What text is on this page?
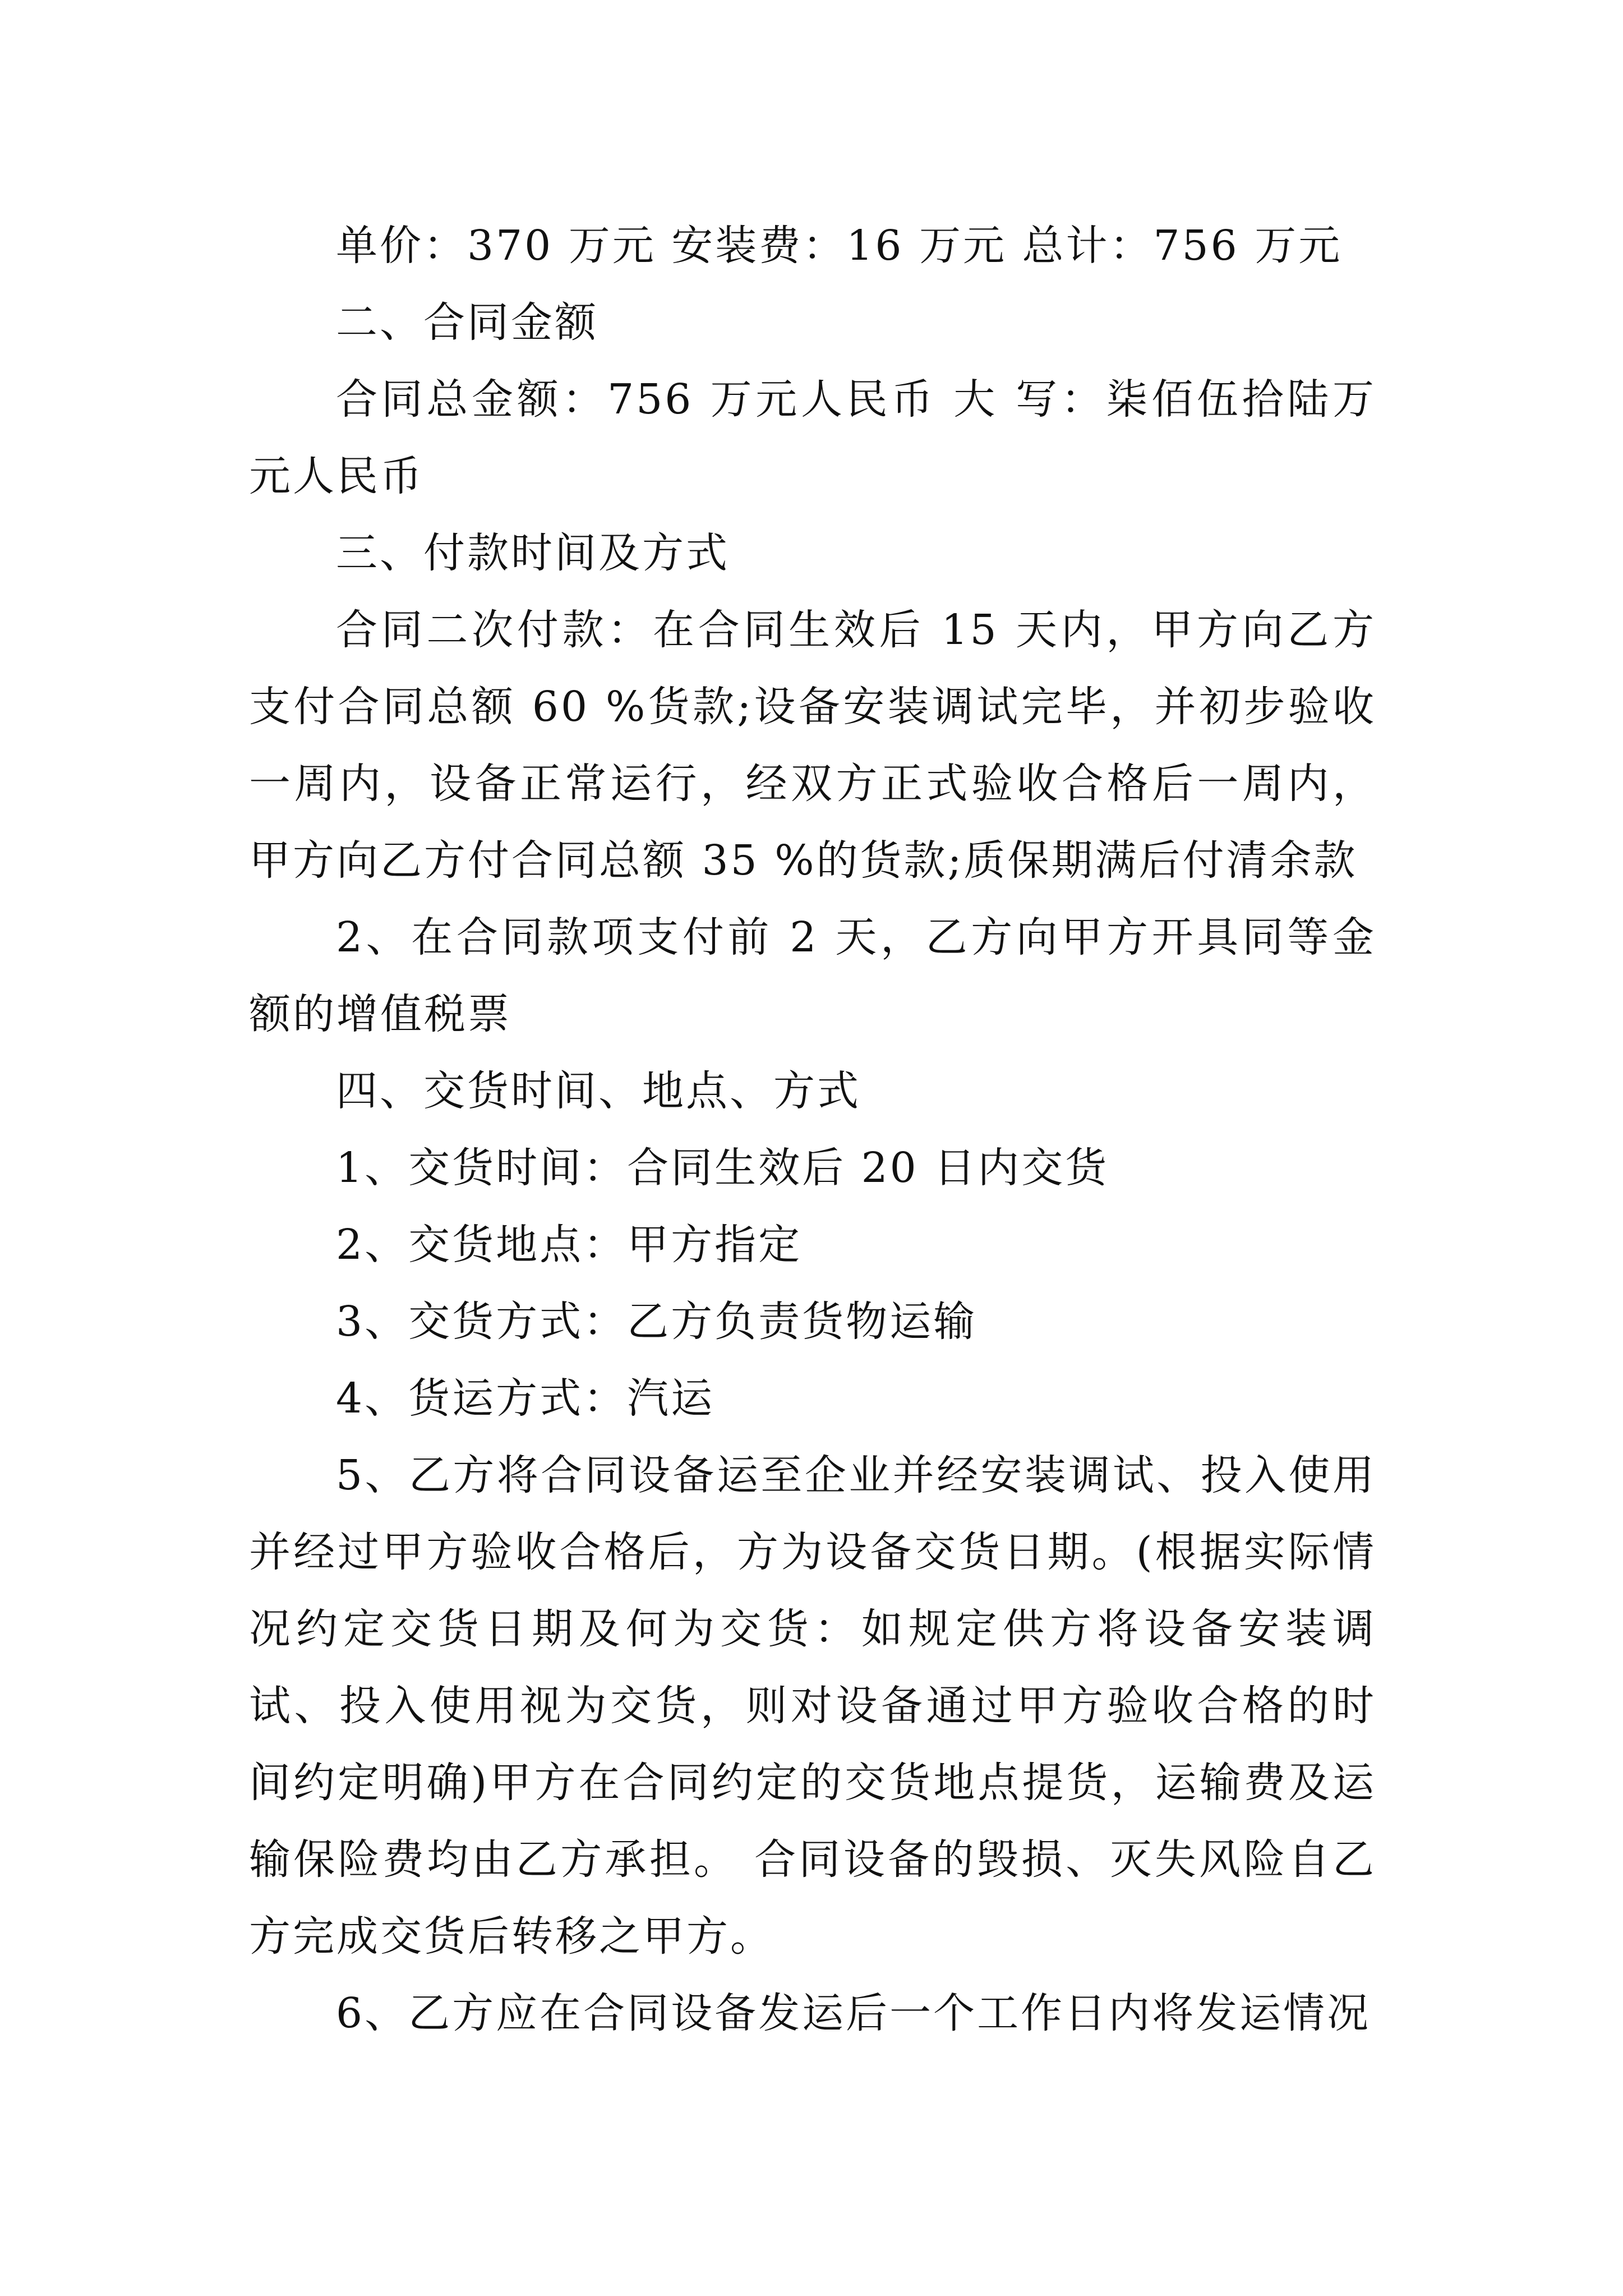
单价：370 万元 安装费：16 万元 总计：756 万元

二、合同金额

合同总金额：756 万元人民币 大 写：柒佰伍拾陆万元人民币

三、付款时间及方式

合同二次付款：在合同生效后 15 天内，甲方向乙方支付合同总额 60 %货款;设备安装调试完毕，并初步验收一周内，设备正常运行，经双方正式验收合格后一周内，甲方向乙方付合同总额 35 %的货款;质保期满后付清余款

2、在合同款项支付前 2 天，乙方向甲方开具同等金额的增值税票

四、交货时间、地点、方式

1、交货时间：合同生效后 20 日内交货

2、交货地点：甲方指定

3、交货方式：乙方负责货物运输

4、货运方式：汽运

5、乙方将合同设备运至企业并经安装调试、投入使用并经过甲方验收合格后，方为设备交货日期。(根据实际情况约定交货日期及何为交货：如规定供方将设备安装调试、投入使用视为交货，则对设备通过甲方验收合格的时间约定明确)甲方在合同约定的交货地点提货，运输费及运输保险费均由乙方承担。 合同设备的毁损、灭失风险自乙方完成交货后转移之甲方。

6、乙方应在合同设备发运后一个工作日内将发运情况
